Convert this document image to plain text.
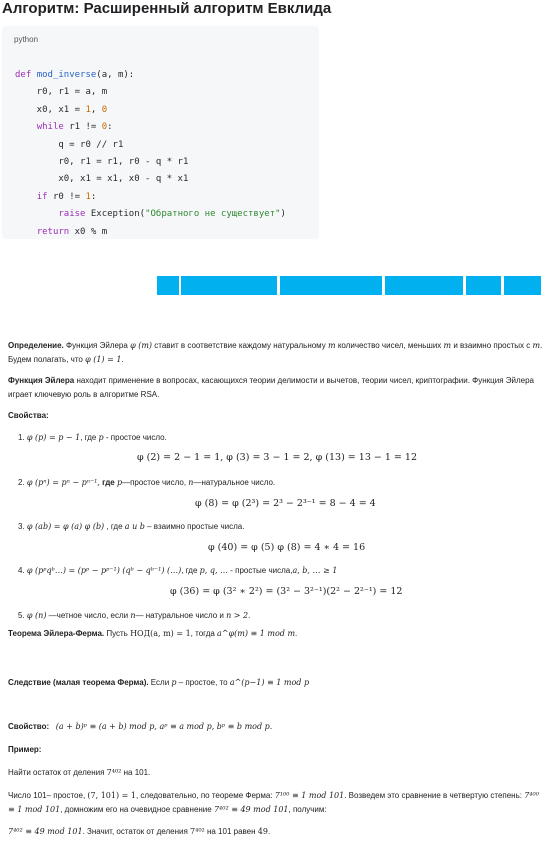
Алгоритм: Расширенный алгоритм Евклида
python
def mod_inverse(a, m):
r0, r1 = a, m
x0, x1 = 1, 0
while r1 != 0:
q = r0 // r1
r0, r1 = r1, r0 - q * r1
x0, x1 = x1, x0 - q * x1
if r0 != 1:
raise Exception("Обратного не существует")
return x0 % m
Определение. Функция Эйлера φ (m) ставит в соответствие каждому натуральному m количество чисел, меньших m и взаимно простых с m. Будем полагать, что φ (1) = 1.
Функция Эйлера находит применение в вопросах, касающихся теории делимости и вычетов, теории чисел, криптографии. Функция Эйлера играет ключевую роль в алгоритме RSA.
Свойства:
1. φ (p) = p − 1, где p - простое число.
φ (2) = 2 − 1 = 1, φ (3) = 3 − 1 = 2, φ (13) = 13 − 1 = 12
2. φ (pⁿ) = pⁿ − pⁿ⁻¹, где p—простое число, n—натуральное число.
φ (8) = φ (2³) = 2³ − 2³⁻¹ = 8 − 4 = 4
3. φ (ab) = φ (a) φ (b) , где a и b – взаимно простые числа.
φ (40) = φ (5) φ (8) = 4 ∗ 4 = 16
4. φ (pᵖqᵇ…) = (pᵖ − pᵖ⁻¹) (qᵇ − qᵇ⁻¹) (…), где p, q, … - простые числа,a, b, … ≥ 1
φ (36) = φ (3² ∗ 2²) = (3² − 3²⁻¹)(2² − 2²⁻¹) = 12
5. φ (n) —четное число, если n— натуральное число и n > 2.
Теорема Эйлера-Ферма. Пусть НОД(a, m) = 1, тогда a^φ(m) ≡ 1 mod m.
Следствие (малая теорема Ферма). Если p – простое, то a^(p−1) ≡ 1 mod p
Свойство: (a + b)ᵖ ≡ (a + b) mod p, aᵖ ≡ a mod p, bᵖ ≡ b mod p.
Пример:
Найти остаток от деления 7⁴⁰² на 101.
Число 101– простое, (7, 101) = 1, следовательно, по теореме Ферма: 7¹⁰⁰ ≡ 1 mod 101. Возведем это сравнение в четвертую степень: 7⁴⁰⁰ ≡ 1 mod 101, домножим его на очевидное сравнение 7⁴⁰² ≡ 49 mod 101, получим:
7⁴⁰² ≡ 49 mod 101. Значит, остаток от деления 7⁴⁰² на 101 равен 49.
